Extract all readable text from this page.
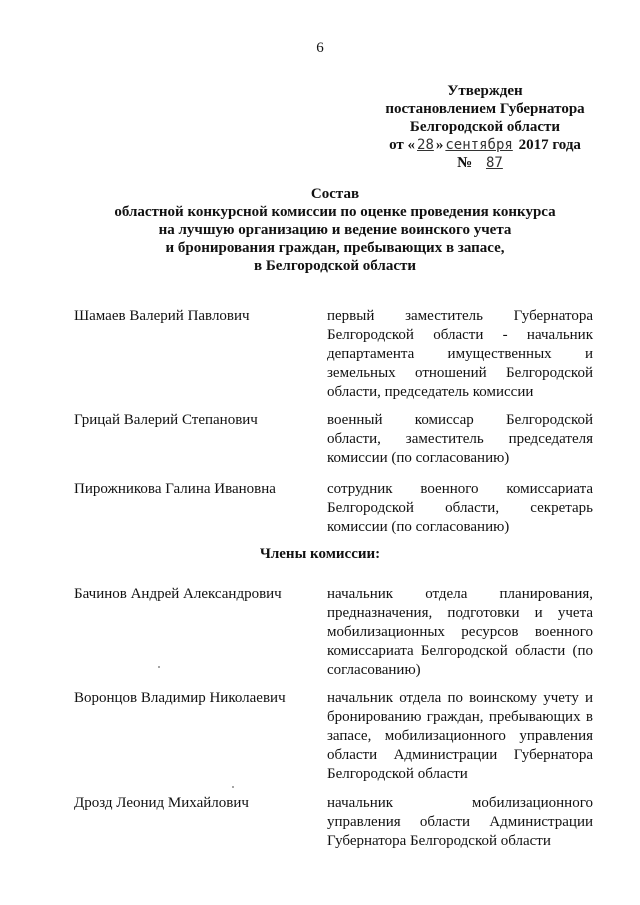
6
Утвержден
постановлением Губернатора
Белгородской области
от « 28 » сентября 2017 года
№ 87
Состав
областной конкурсной комиссии по оценке проведения конкурса
на лучшую организацию и ведение воинского учета
и бронирования граждан, пребывающих в запасе,
в Белгородской области
Шамаев Валерий Павлович	первый заместитель Губернатора Белгородской области - начальник департамента имущественных и земельных отношений Белгородской области, председатель комиссии
Грицай Валерий Степанович	военный комиссар Белгородской области, заместитель председателя комиссии (по согласованию)
Пирожникова Галина Ивановна	сотрудник военного комиссариата Белгородской области, секретарь комиссии (по согласованию)
Члены комиссии:
Бачинов Андрей Александрович	начальник отдела планирования, предназначения, подготовки и учета мобилизационных ресурсов военного комиссариата Белгородской области (по согласованию)
Воронцов Владимир Николаевич	начальник отдела по воинскому учету и бронированию граждан, пребывающих в запасе, мобилизационного управления области Администрации Губернатора Белгородской области
Дрозд Леонид Михайлович	начальник мобилизационного управления области Администрации Губернатора Белгородской области
